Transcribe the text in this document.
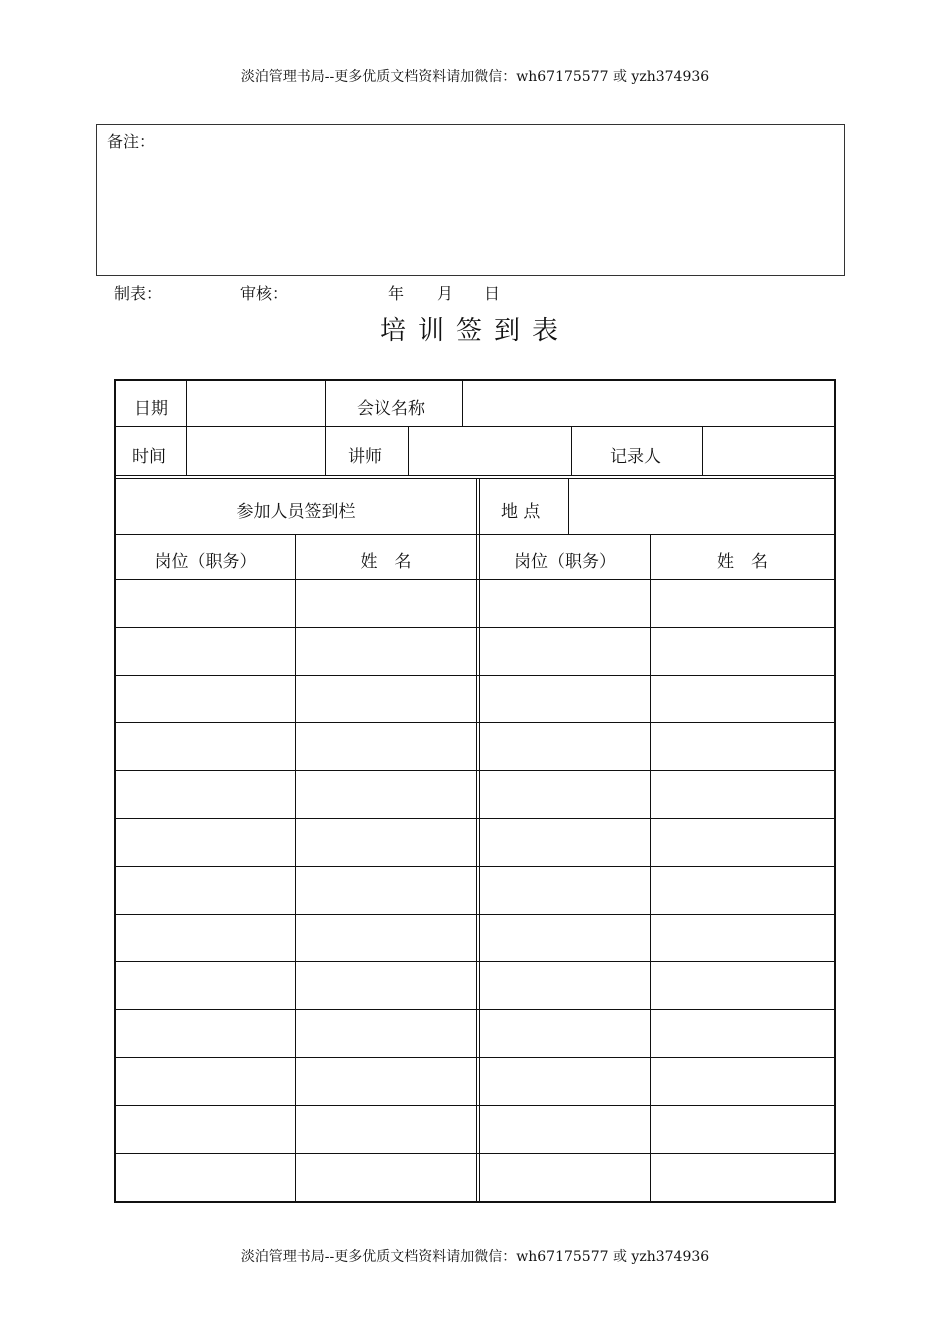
淡泊管理书局--更多优质文档资料请加微信：wh67175577 或 yzh374936
备注：
制表：	审核：	年 月 日
培训签到表
日期	会议名称
时间	讲师	记录人
参加人员签到栏	地 点
岗位（职务）	姓　名	岗位（职务）	姓　名
淡泊管理书局--更多优质文档资料请加微信：wh67175577 或 yzh374936
